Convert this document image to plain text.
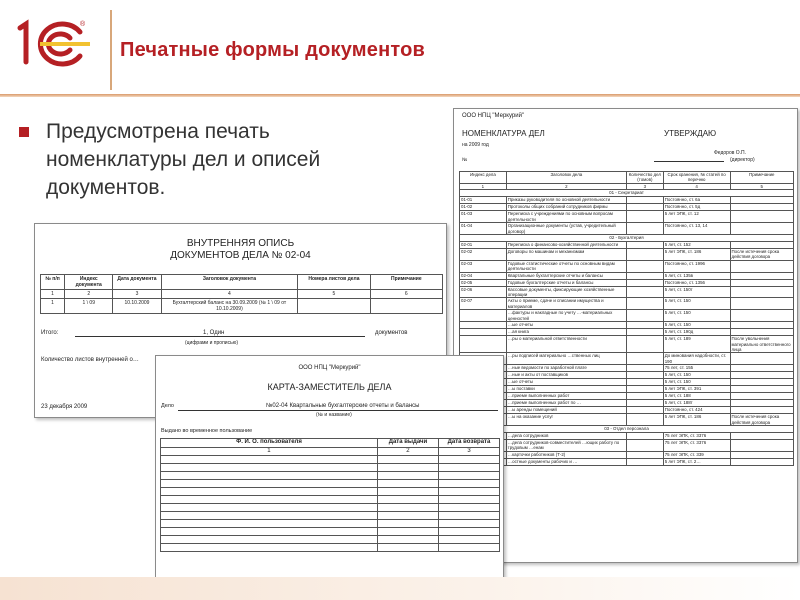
®
Печатные формы документов
Предусмотрена печать номенклатуры дел и описей документов.
ООО НПЦ "Меркурий"
НОМЕНКЛАТУРА ДЕЛ	УТВЕРЖДАЮ
на 2009 год
№
Федоров О.П.
(директор)
Индекс дела	Заголовок дела	Количество дел (томов)	Срок хранения, № статей по перечню	Примечание
1	2	3	4	5
01 - Секретариат				
01-01	Приказы руководителя по основной деятельности		Постоянно, ст. 6а	
01-02	Протоколы общих собраний сотрудников фирмы		Постоянно, ст. 5д	
01-03	Переписка с учреждениями по основным вопросам деятельности		5 лет ЭПК, ст. 12	
01-04	Организационные документы (устав, учредительный договор)		Постоянно, ст. 13, 14	
02 - Бухгалтерия				
02-01	Переписка о финансово-хозяйственной деятельности		5 лет, ст. 152	
02-02	Договоры по машинам и механизмам		5 лет ЭПК, ст. 186	После истечения срока действия договора
02-03	Годовые статистические отчеты по основным видам деятельности		Постоянно, ст. 1996	
02-04	Квартальные бухгалтерские отчеты и балансы		5 лет, ст. 135в	
02-05	Годовые бухгалтерские отчеты и балансы		Постоянно, ст. 1356	
02-06	Кассовые документы, фиксирующие хозяйственные операции		5 лет, ст. 150т	
02-07	Акты о приеме, сдаче и списании имущества и материалов		5 лет, ст. 150	
	…фактуры и накладные по учету …-материальных ценностей		5 лет, ст. 150	
	…ые отчеты		5 лет, ст. 150	
	…ая книга		5 лет, ст. 190д	
	…ры о материальной ответственности		5 лет, ст. 189	После увольнения материально ответственного лица
	…ры подписей материально …ственных лиц		До минования надобности, ст. 190	
	…ные ведомости по заработной плате		75 лет, ст. 155	
	…ные и акты от поставщиков		5 лет, ст. 150	
	…ые отчеты		5 лет, ст. 150	
	…ы поставки		5 лет ЭПК, ст. 391	
	…приеме выполненных работ		5 лет, ст. 188	
	…приеме выполненных работ по …		5 лет, ст. 188т	
	…ы аренды помещений		Постоянно, ст. 424	
	…ы на оказание услуг		5 лет ЭПК, ст. 186	После истечения срока действия договора
03 - Отдел персонала				
	…дела сотрудников		75 лет ЭПК, ст. 3376	
	…дела сотрудников-совместителей …ющих работу по трудовым …енам		75 лет ЭПК, ст. 3376	
	…карточки работников (Т-2)		75 лет ЭПК, ст. 339	
	…остные документы рабочих и …		5 лет ЭПК, ст. 2…	
ВНУТРЕННЯЯ ОПИСЬ
ДОКУМЕНТОВ ДЕЛА № 02-04
№ п/п	Индекс документа	Дата документа	Заголовок документа	Номера листов дела	Примечание
1	2	3	4	5	6
1	1 \ 09	10.10.2009	Бухгалтерский баланс на 30.09.2009 (№ 1 \ 09 от 10.10.2009)		
Итого:	1, Один	документов
(цифрами и прописью)
Количество листов внутренней о…
23 декабря 2009
ООО НПЦ "Меркурий"
КАРТА-ЗАМЕСТИТЕЛЬ ДЕЛА
Дело	№02-04 Квартальные бухгалтерские отчеты и балансы
(№ и название)
Выдано во временное пользование
Ф. И. О. пользователя	Дата выдачи	Дата возврата
1	2	3
